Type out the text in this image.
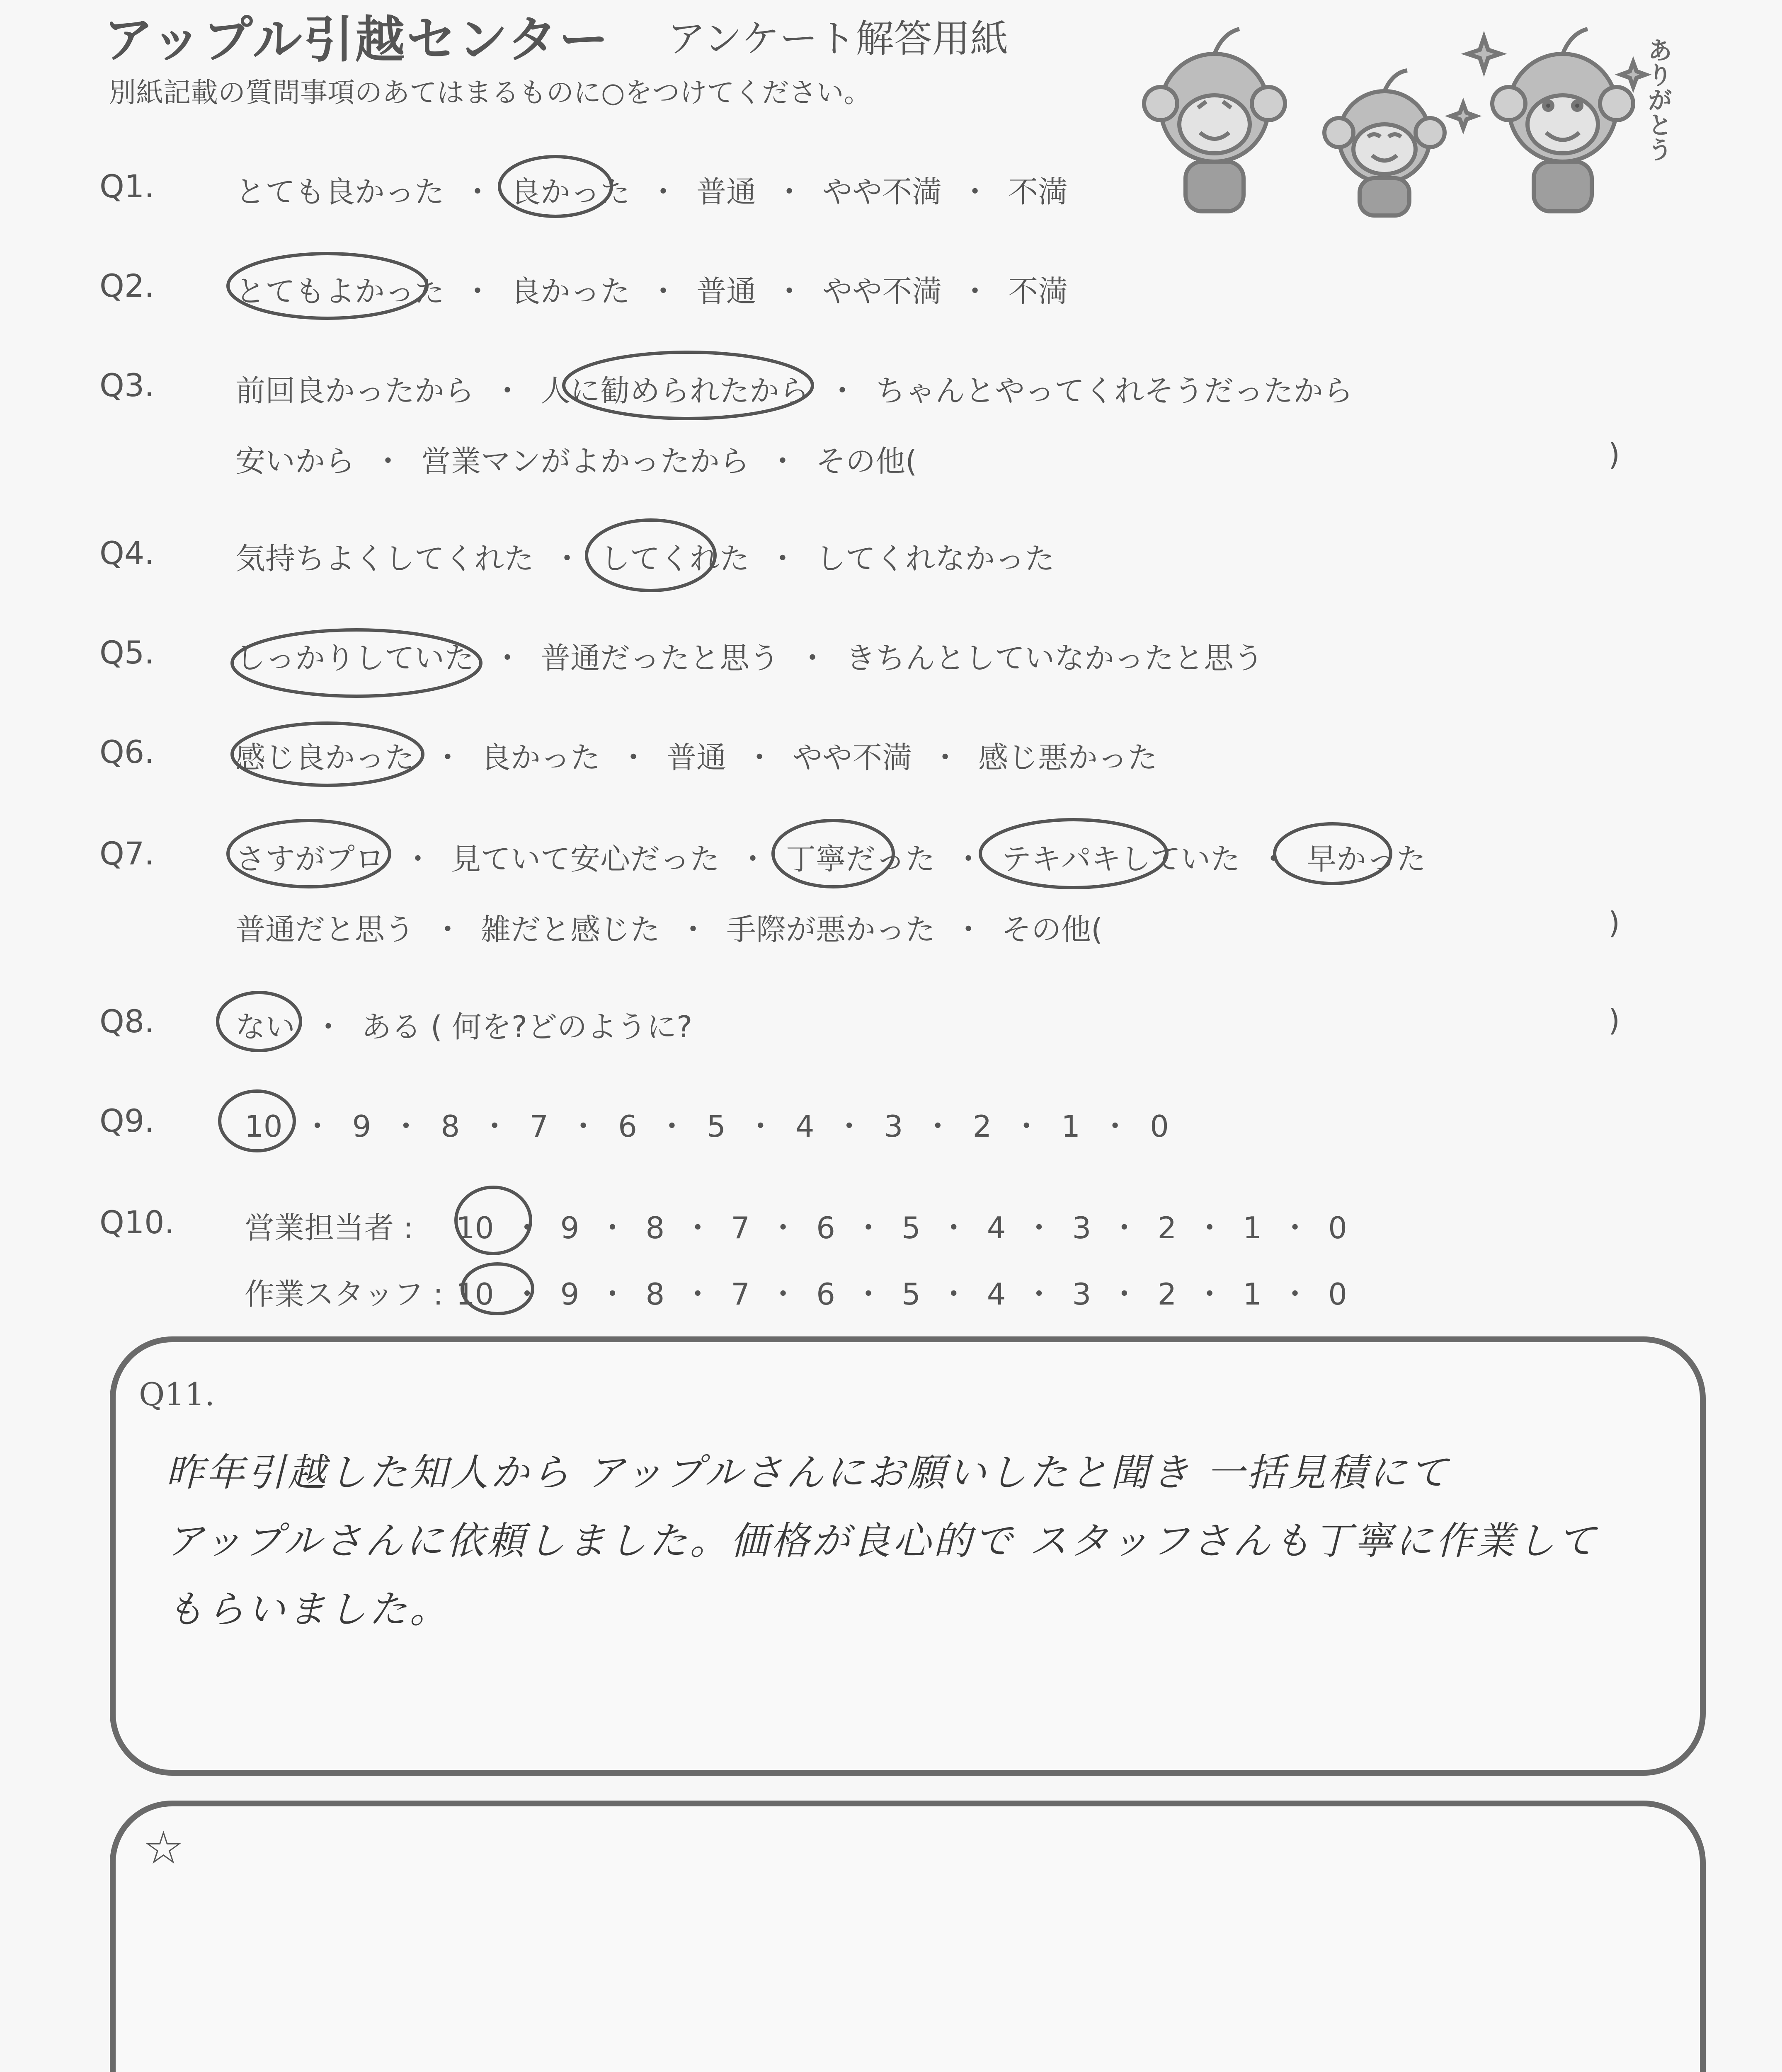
アップル引越センター アンケート解答用紙
別紙記載の質問事項のあてはまるものに○をつけてください。	ありがとう
Q1.	とても良かった ・ 良かった ・ 普通 ・ やや不満 ・ 不満
Q2.	とてもよかった ・ 良かった ・ 普通 ・ やや不満 ・ 不満
Q3.	前回良かったから ・ 人に勧められたから ・ ちゃんとやってくれそうだったから
安いから ・ 営業マンがよかったから ・ その他(	)
Q4.	気持ちよくしてくれた ・ してくれた ・ してくれなかった
Q5.	しっかりしていた ・ 普通だったと思う ・ きちんとしていなかったと思う
Q6.	感じ良かった ・ 良かった ・ 普通 ・ やや不満 ・ 感じ悪かった
Q7.	さすがプロ ・ 見ていて安心だった ・ 丁寧だった ・ テキパキしていた ・ 早かった
普通だと思う ・ 雑だと感じた ・ 手際が悪かった ・ その他(	)
Q8.	ない ・ ある ( 何を?どのように?	)
Q9.	10 ・ 9 ・ 8 ・ 7 ・ 6 ・ 5 ・ 4 ・ 3 ・ 2 ・ 1 ・ 0
Q10. 営業担当者 : 10 ・ 9 ・ 8 ・ 7 ・ 6 ・ 5 ・ 4 ・ 3 ・ 2 ・ 1 ・ 0
作業スタッフ : 10 ・ 9 ・ 8 ・ 7 ・ 6 ・ 5 ・ 4 ・ 3 ・ 2 ・ 1 ・ 0
Q11.
昨年引越した知人から アップルさんにお願いしたと聞き 一括見積にて
アップルさんに依頼しました。価格が良心的で スタッフさんも丁寧に作業して
もらいました。
☆
